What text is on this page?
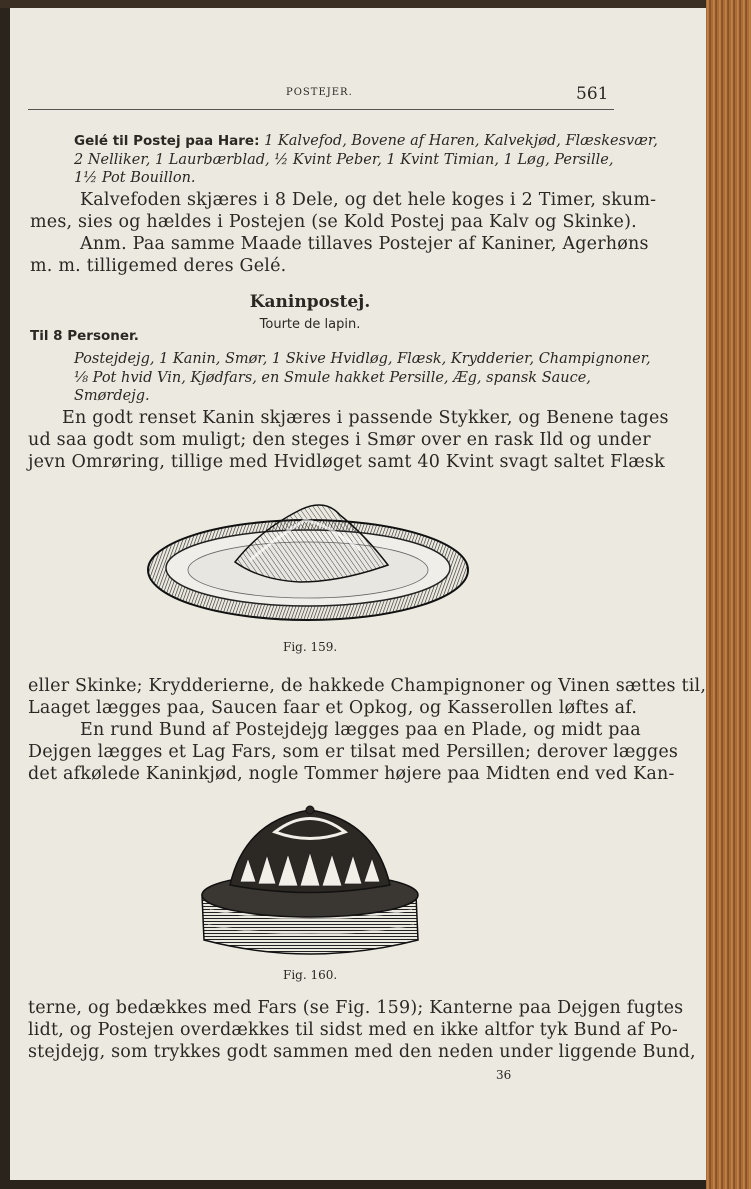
POSTEJER.	561
Gelé til Postej paa Hare: 1 Kalvefod, Bovene af Haren, Kalvekjød, Flæskesvær,
2 Nelliker, 1 Laurbærblad, ½ Kvint Peber, 1 Kvint Timian, 1 Løg, Persille,
1½ Pot Bouillon.
Kalvefoden skjæres i 8 Dele, og det hele koges i 2 Timer, skum-
mes, sies og hældes i Postejen (se Kold Postej paa Kalv og Skinke).
Anm. Paa samme Maade tillaves Postejer af Kaniner, Agerhøns
m. m. tilligemed deres Gelé.
Kaninpostej.
Tourte de lapin.
Til 8 Personer.
Postejdejg, 1 Kanin, Smør, 1 Skive Hvidløg, Flæsk, Krydderier, Champignoner,
⅛ Pot hvid Vin, Kjødfars, en Smule hakket Persille, Æg, spansk Sauce,
Smørdejg.
En godt renset Kanin skjæres i passende Stykker, og Benene tages
ud saa godt som muligt; den steges i Smør over en rask Ild og under
jevn Omrøring, tillige med Hvidløget samt 40 Kvint svagt saltet Flæsk
Fig. 159.
eller Skinke; Krydderierne, de hakkede Champignoner og Vinen sættes til,
Laaget lægges paa, Saucen faar et Opkog, og Kasserollen løftes af.
En rund Bund af Postejdejg lægges paa en Plade, og midt paa
Dejgen lægges et Lag Fars, som er tilsat med Persillen; derover lægges
det afkølede Kaninkjød, nogle Tommer højere paa Midten end ved Kan-
Fig. 160.
terne, og bedækkes med Fars (se Fig. 159); Kanterne paa Dejgen fugtes
lidt, og Postejen overdækkes til sidst med en ikke altfor tyk Bund af Po-
stejdejg, som trykkes godt sammen med den neden under liggende Bund,
36
